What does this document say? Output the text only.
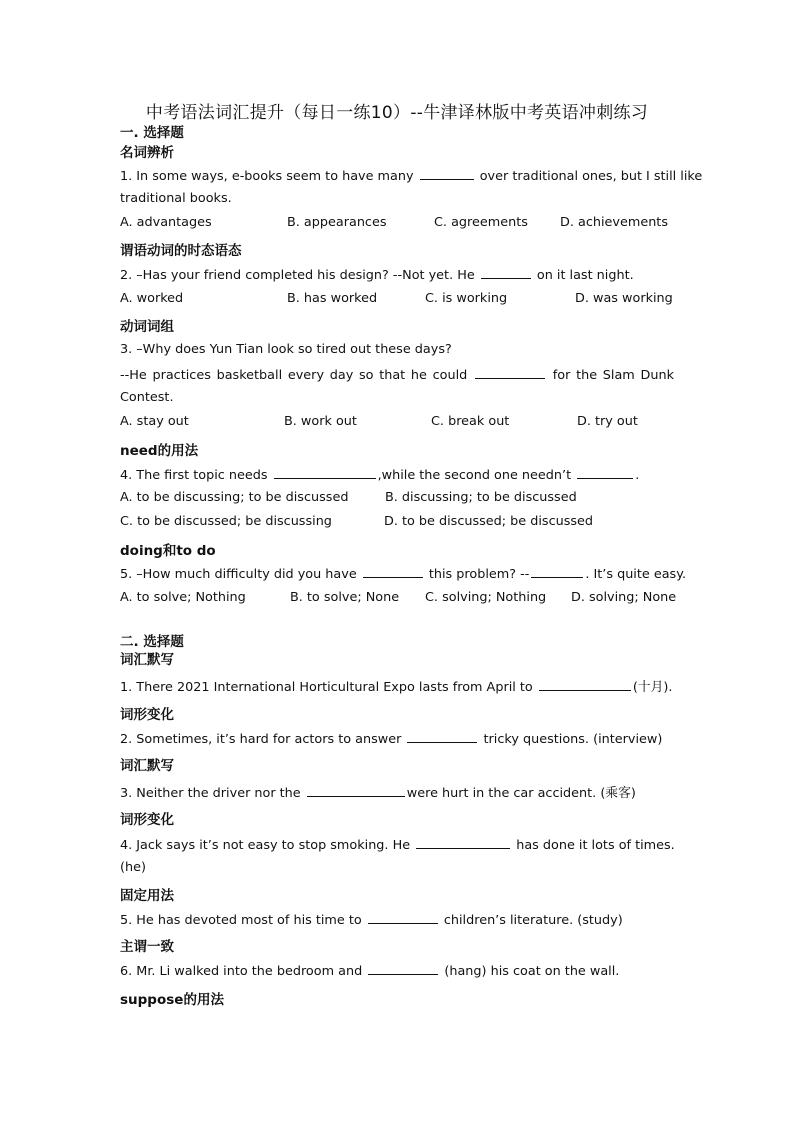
中考语法词汇提升（每日一练10）--牛津译林版中考英语冲刺练习
一. 选择题
名词辨析
1. In some ways, e-books seem to have many	over traditional ones, but I still like
traditional books.
A. advantages	B. appearances	C. agreements	D. achievements
谓语动词的时态语态
2. –Has your friend completed his design? --Not yet. He	on it last night.
A. worked	B. has worked	C. is working	D. was working
动词词组
3. –Why does Yun Tian look so tired out these days?
--He practices basketball every day so that he could	for the Slam Dunk
Contest.
A. stay out	B. work out	C. break out	D. try out
need的用法
4. The first topic needs	,while the second one needn’t	.
A. to be discussing; to be discussed	B. discussing; to be discussed
C. to be discussed; be discussing	D. to be discussed; be discussed
doing和to do
5. –How much difficulty did you have	this problem? --	. It’s quite easy.
A. to solve; Nothing	B. to solve; None C. solving; Nothing D. solving; None
二. 选择题
词汇默写
1. There 2021 International Horticultural Expo lasts from April to	(十月).
词形变化
2. Sometimes, it’s hard for actors to answer	tricky questions. (interview)
词汇默写
3. Neither the driver nor the	were hurt in the car accident. (乘客)
词形变化
4. Jack says it’s not easy to stop smoking. He	has done it lots of times.
(he)
固定用法
5. He has devoted most of his time to	children’s literature. (study)
主谓一致
6. Mr. Li walked into the bedroom and	(hang) his coat on the wall.
suppose的用法
